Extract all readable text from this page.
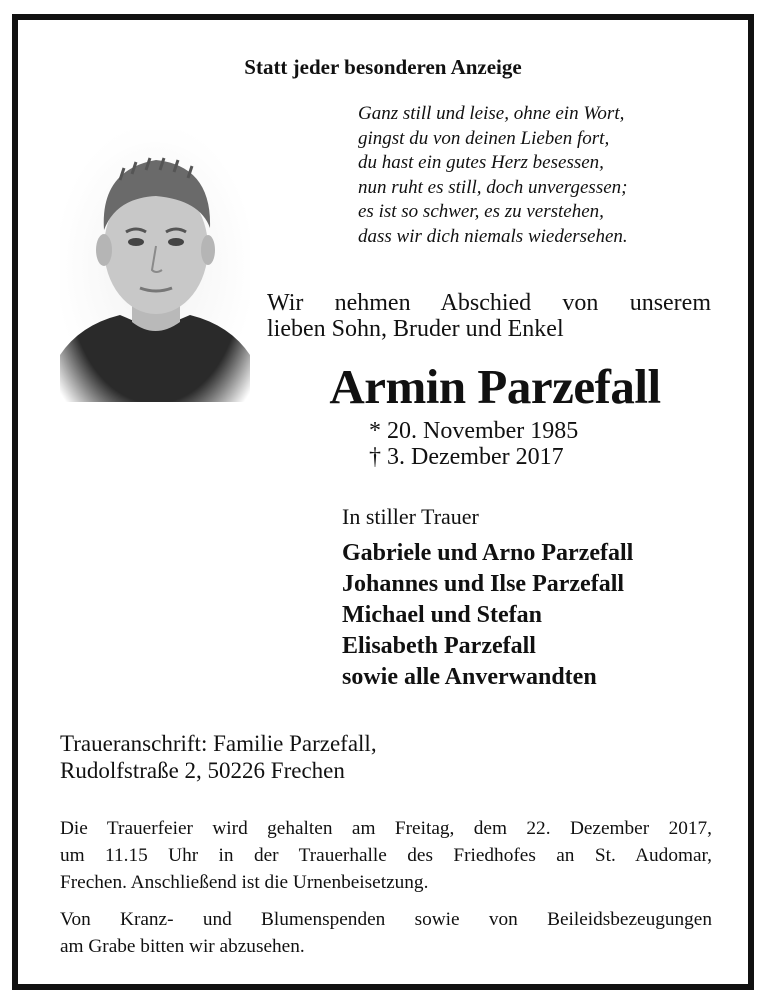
Statt jeder besonderen Anzeige
Ganz still und leise, ohne ein Wort,
gingst du von deinen Lieben fort,
du hast ein gutes Herz besessen,
nun ruht es still, doch unvergessen;
es ist so schwer, es zu verstehen,
dass wir dich niemals wiedersehen.
Wir nehmen Abschied von unserem
lieben Sohn, Bruder und Enkel
Armin Parzefall
* 20. November 1985
† 3. Dezember 2017
In stiller Trauer
Gabriele und Arno Parzefall
Johannes und Ilse Parzefall
Michael und Stefan
Elisabeth Parzefall
sowie alle Anverwandten
Traueranschrift: Familie Parzefall,
Rudolfstraße 2, 50226 Frechen

Die Trauerfeier wird gehalten am Freitag, dem 22. Dezember 2017,

um 11.15 Uhr in der Trauerhalle des Friedhofes an St. Audomar,

Frechen. Anschließend ist die Urnenbeisetzung.

Von Kranz- und Blumenspenden sowie von Beileidsbezeugungen
am Grabe bitten wir abzusehen.
